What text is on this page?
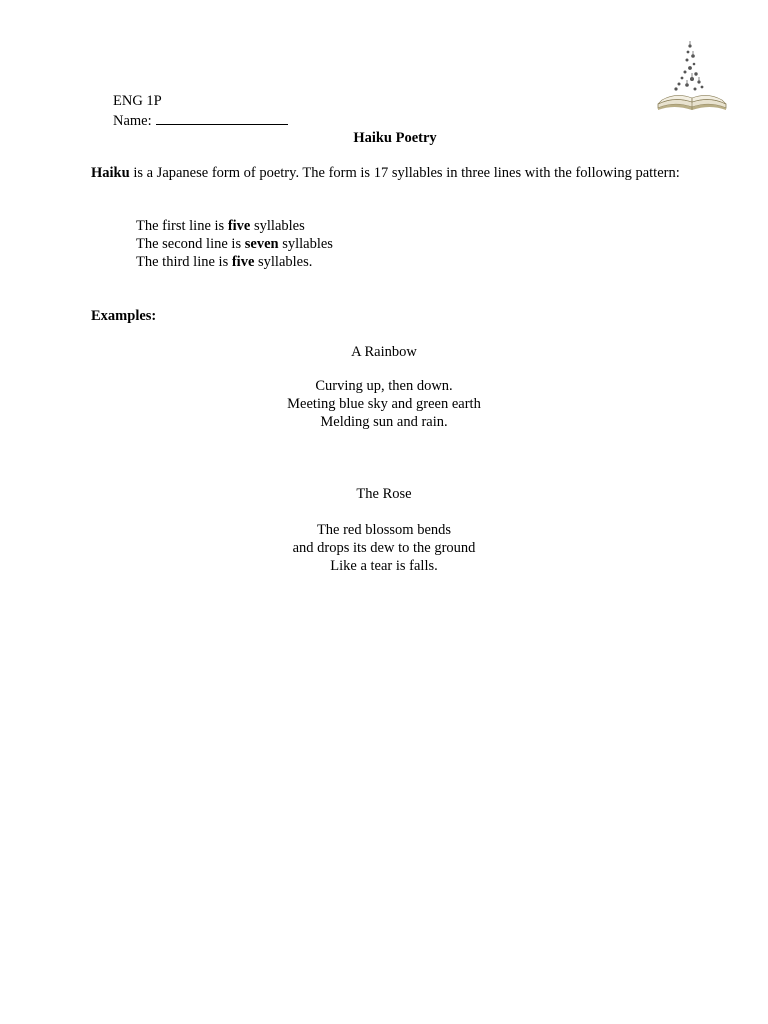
ENG 1P
Name:
Haiku Poetry
Haiku is a Japanese form of poetry. The form is 17 syllables in three lines with the following pattern:
The first line is five syllables
The second line is seven syllables
The third line is five syllables.
Examples:
A Rainbow
Curving up, then down.
Meeting blue sky and green earth
Melding sun and rain.
The Rose
The red blossom bends
and drops its dew to the ground
Like a tear is falls.
